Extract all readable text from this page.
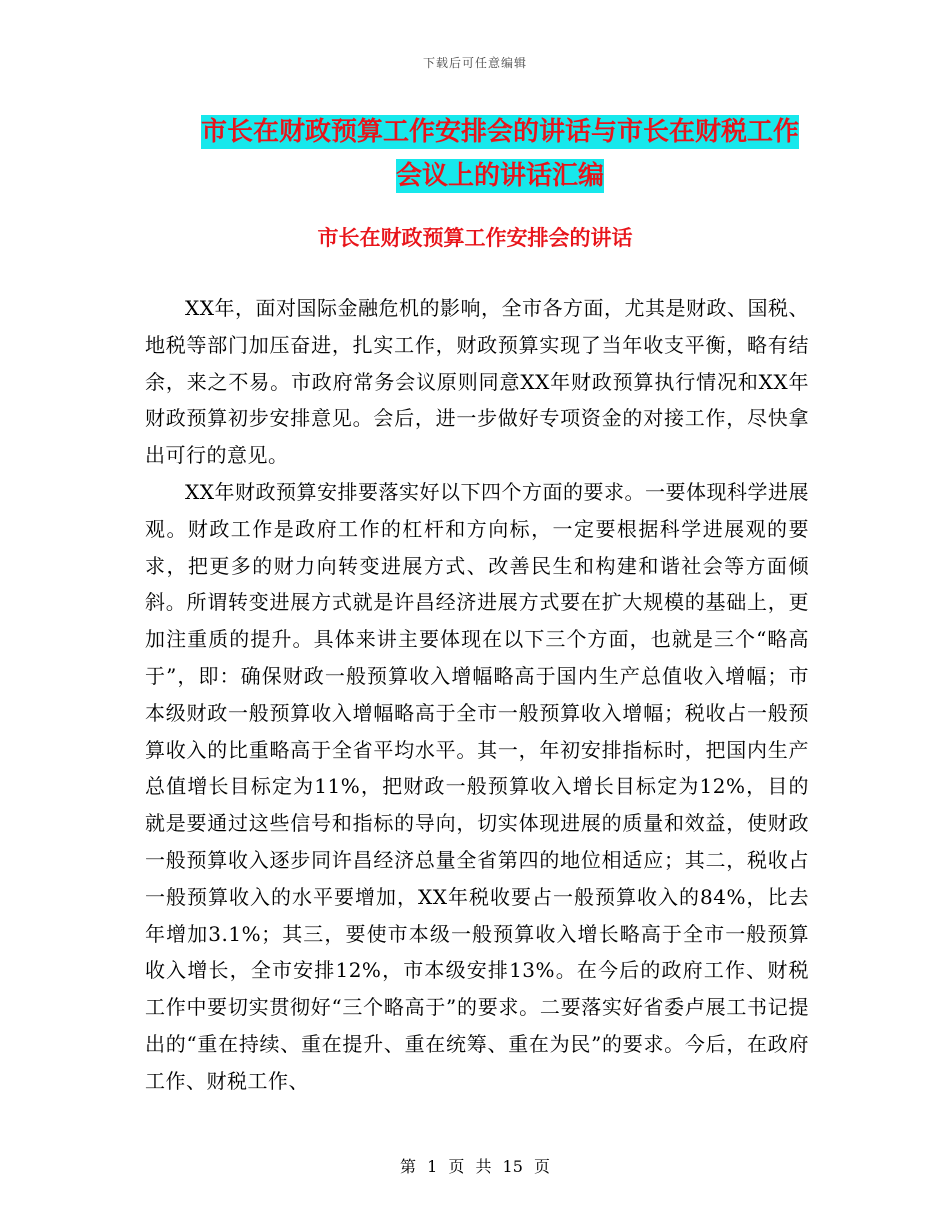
下载后可任意编辑
市长在财政预算工作安排会的讲话与市长在财税工作
会议上的讲话汇编
市长在财政预算工作安排会的讲话

XX年，面对国际金融危机的影响，全市各方面，尤其是财政、国税、地税等部门加压奋进，扎实工作，财政预算实现了当年收支平衡，略有结余，来之不易。市政府常务会议原则同意XX年财政预算执行情况和XX年财政预算初步安排意见。会后，进一步做好专项资金的对接工作，尽快拿出可行的意见。

XX年财政预算安排要落实好以下四个方面的要求。一要体现科学进展观。财政工作是政府工作的杠杆和方向标，一定要根据科学进展观的要求，把更多的财力向转变进展方式、改善民生和构建和谐社会等方面倾斜。所谓转变进展方式就是许昌经济进展方式要在扩大规模的基础上，更加注重质的提升。具体来讲主要体现在以下三个方面，也就是三个“略高于”，即：确保财政一般预算收入增幅略高于国内生产总值收入增幅；市本级财政一般预算收入增幅略高于全市一般预算收入增幅；税收占一般预算收入的比重略高于全省平均水平。其一，年初安排指标时，把国内生产总值增长目标定为11%，把财政一般预算收入增长目标定为12%，目的就是要通过这些信号和指标的导向，切实体现进展的质量和效益，使财政一般预算收入逐步同许昌经济总量全省第四的地位相适应；其二，税收占一般预算收入的水平要增加，XX年税收要占一般预算收入的84%，比去年增加3.1%；其三，要使市本级一般预算收入增长略高于全市一般预算收入增长，全市安排12%，市本级安排13%。在今后的政府工作、财税工作中要切实贯彻好“三个略高于”的要求。二要落实好省委卢展工书记提出的“重在持续、重在提升、重在统筹、重在为民”的要求。今后，在政府工作、财税工作、

第 1 页 共 15 页
